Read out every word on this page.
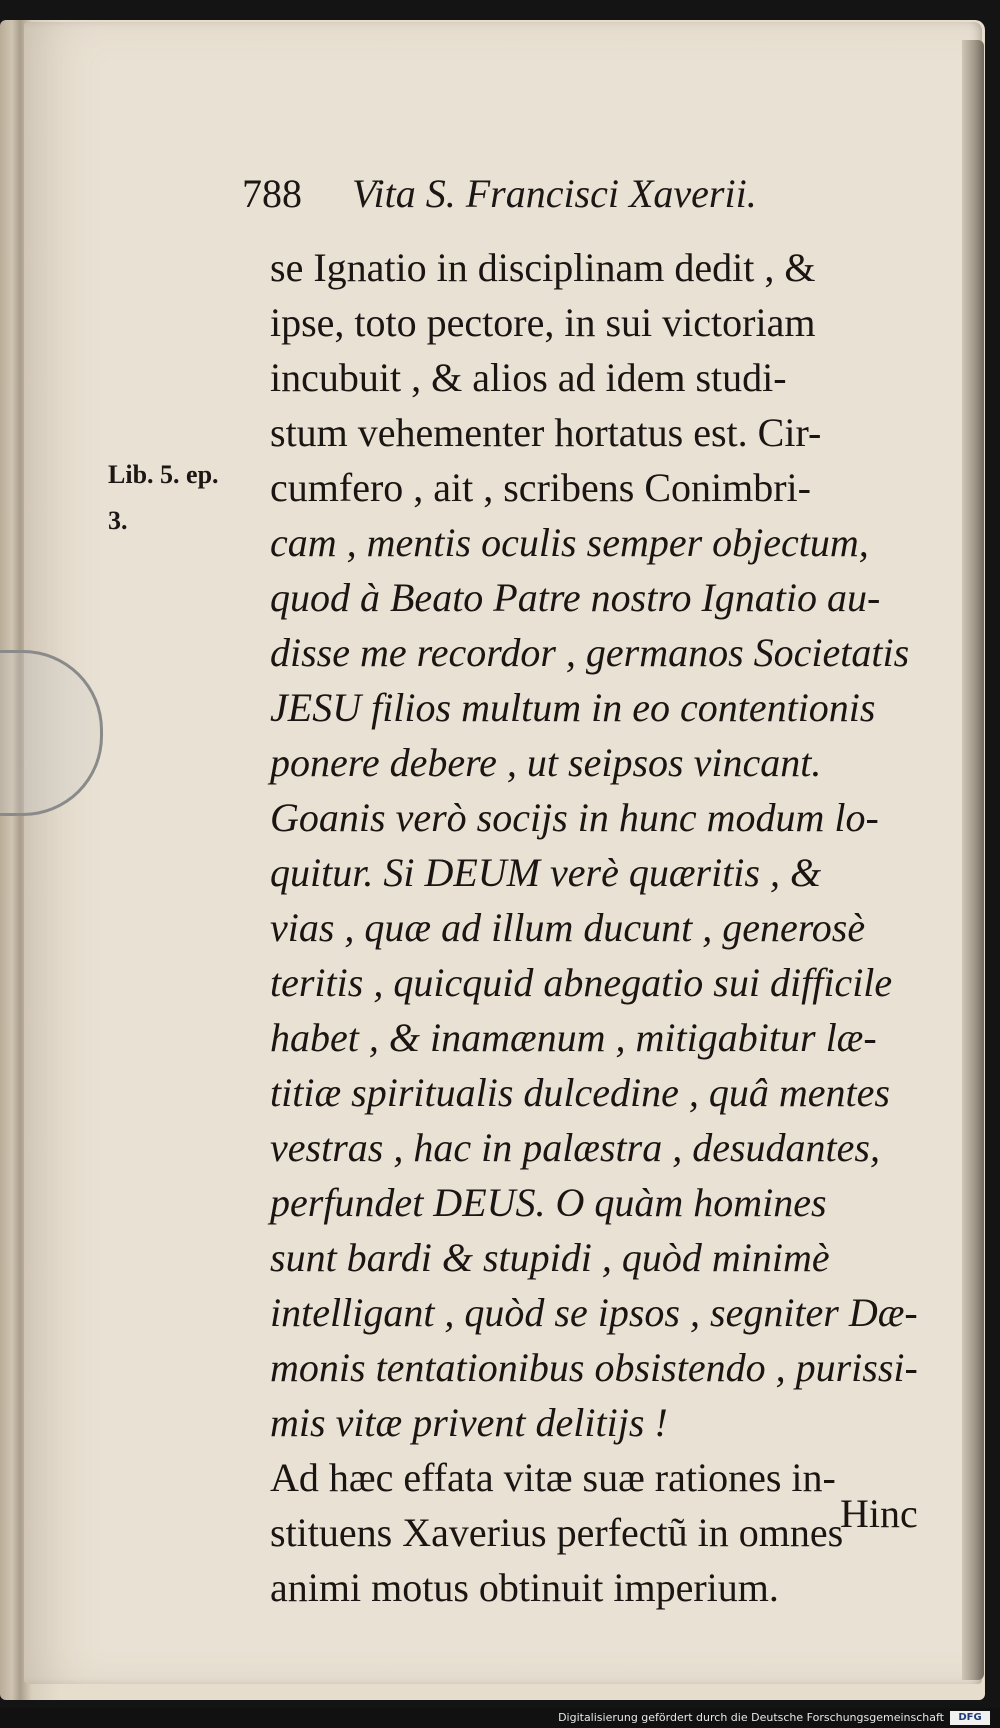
788 Vita S. Francisci Xaverii.
Lib. 5. ep.
3.
se Ignatio in disciplinam dedit , &
ipse, toto pectore, in sui victoriam
incubuit , & alios ad idem studi-
stum vehementer hortatus est. Cir-
cumfero , ait , scribens Conimbri-
cam , mentis oculis semper objectum,
quod à Beato Patre nostro Ignatio au-
disse me recordor , germanos Societatis
JESU filios multum in eo contentionis
ponere debere , ut seipsos vincant.
Goanis verò socijs in hunc modum lo-
quitur. Si DEUM verè quæritis , &
vias , quæ ad illum ducunt , generosè
teritis , quicquid abnegatio sui difficile
habet , & inamænum , mitigabitur læ-
titiæ spiritualis dulcedine , quâ mentes
vestras , hac in palæstra , desudantes,
perfundet DEUS. O quàm homines
sunt bardi & stupidi , quòd minimè
intelligant , quòd se ipsos , segniter Dæ-
monis tentationibus obsistendo , purissi-
mis vitæ privent delitijs !
Ad hæc effata vitæ suæ rationes in-
stituens Xaverius perfectũ in omnes
animi motus obtinuit imperium.
Hinc
Digitalisierung gefördert durch die Deutsche Forschungsgemeinschaft	DFG
